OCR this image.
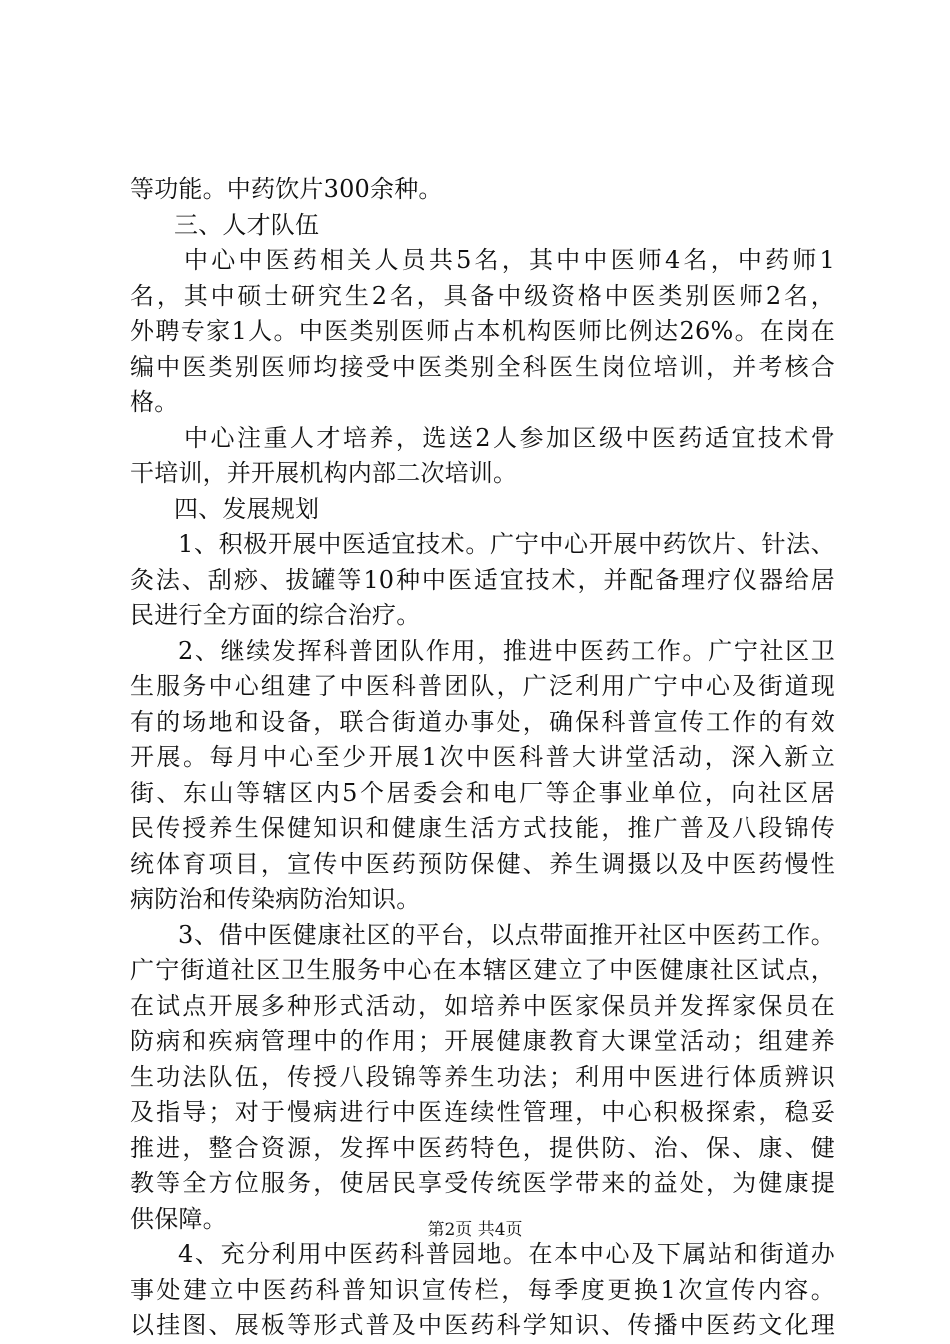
等功能。中药饮片300余种。
三、人才队伍
中心中医药相关人员共5名，其中中医师4名，中药师1
名，其中硕士研究生2名，具备中级资格中医类别医师2名，
外聘专家1人。中医类别医师占本机构医师比例达26%。在岗在
编中医类别医师均接受中医类别全科医生岗位培训，并考核合
格。
中心注重人才培养，选送2人参加区级中医药适宜技术骨
干培训，并开展机构内部二次培训。
四、发展规划
1、积极开展中医适宜技术。广宁中心开展中药饮片、针法、
灸法、刮痧、拔罐等10种中医适宜技术，并配备理疗仪器给居
民进行全方面的综合治疗。
2、继续发挥科普团队作用，推进中医药工作。广宁社区卫
生服务中心组建了中医科普团队，广泛利用广宁中心及街道现
有的场地和设备，联合街道办事处，确保科普宣传工作的有效
开展。每月中心至少开展1次中医科普大讲堂活动，深入新立
街、东山等辖区内5个居委会和电厂等企事业单位，向社区居
民传授养生保健知识和健康生活方式技能，推广普及八段锦传
统体育项目，宣传中医药预防保健、养生调摄以及中医药慢性
病防治和传染病防治知识。
3、借中医健康社区的平台，以点带面推开社区中医药工作。
广宁街道社区卫生服务中心在本辖区建立了中医健康社区试点，
在试点开展多种形式活动，如培养中医家保员并发挥家保员在
防病和疾病管理中的作用；开展健康教育大课堂活动；组建养
生功法队伍，传授八段锦等养生功法；利用中医进行体质辨识
及指导；对于慢病进行中医连续性管理，中心积极探索，稳妥
推进，整合资源，发挥中医药特色，提供防、治、保、康、健
教等全方位服务，使居民享受传统医学带来的益处，为健康提
供保障。
4、充分利用中医药科普园地。在本中心及下属站和街道办
事处建立中医药科普知识宣传栏，每季度更换1次宣传内容。
以挂图、展板等形式普及中医药科学知识、传播中医药文化理
第2页 共4页
